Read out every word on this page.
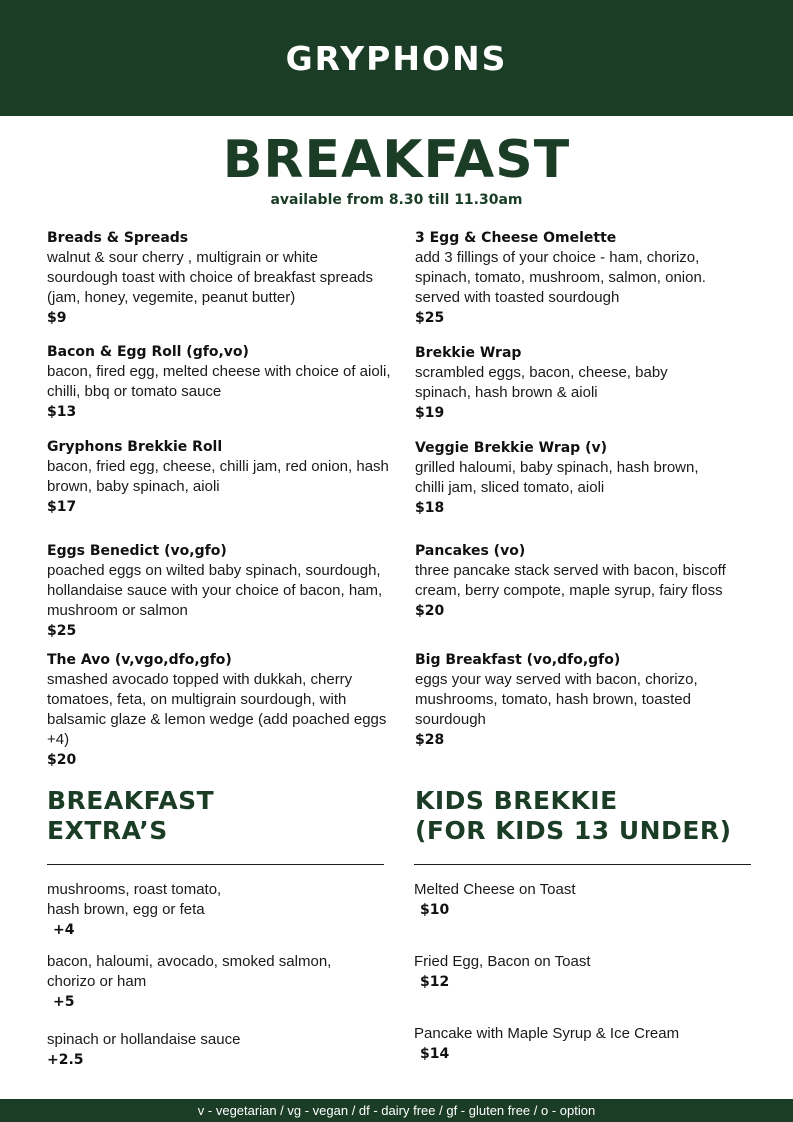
GRYPHONS
BREAKFAST
available from 8.30 till 11.30am
Breads & Spreads
walnut & sour cherry , multigrain or white sourdough toast with choice of breakfast spreads (jam, honey, vegemite, peanut butter)
$9
Bacon & Egg Roll (gfo,vo)
bacon, fired egg, melted cheese with choice of aioli, chilli, bbq or tomato sauce
$13
Gryphons Brekkie Roll
bacon, fried egg, cheese, chilli jam, red onion, hash brown, baby spinach, aioli
$17
Eggs Benedict (vo,gfo)
poached eggs on wilted baby spinach, sourdough, hollandaise sauce with your choice of bacon, ham, mushroom or salmon
$25
The Avo (v,vgo,dfo,gfo)
smashed avocado topped with dukkah, cherry tomatoes, feta, on multigrain sourdough, with balsamic glaze & lemon wedge (add poached eggs +4)
$20
3 Egg & Cheese Omelette
add 3 fillings of your choice - ham, chorizo, spinach, tomato, mushroom, salmon, onion. served with toasted sourdough
$25
Brekkie Wrap
scrambled eggs, bacon, cheese, baby spinach, hash brown & aioli
$19
Veggie Brekkie Wrap (v)
grilled haloumi, baby spinach, hash brown, chilli jam, sliced tomato, aioli
$18
Pancakes (vo)
three pancake stack served with bacon, biscoff cream, berry compote, maple syrup, fairy floss
$20
Big Breakfast (vo,dfo,gfo)
eggs your way served with bacon, chorizo, mushrooms, tomato, hash brown, toasted sourdough
$28
BREAKFAST
EXTRA’S
mushrooms, roast tomato, hash brown, egg or feta
+4
bacon, haloumi, avocado, smoked salmon, chorizo or ham
+5
spinach or hollandaise sauce
+2.5
KIDS BREKKIE
(FOR KIDS 13 UNDER)
Melted Cheese on Toast
$10
Fried Egg, Bacon on Toast
$12
Pancake with Maple Syrup & Ice Cream
$14
v - vegetarian / vg - vegan / df - dairy free / gf - gluten free / o - option
